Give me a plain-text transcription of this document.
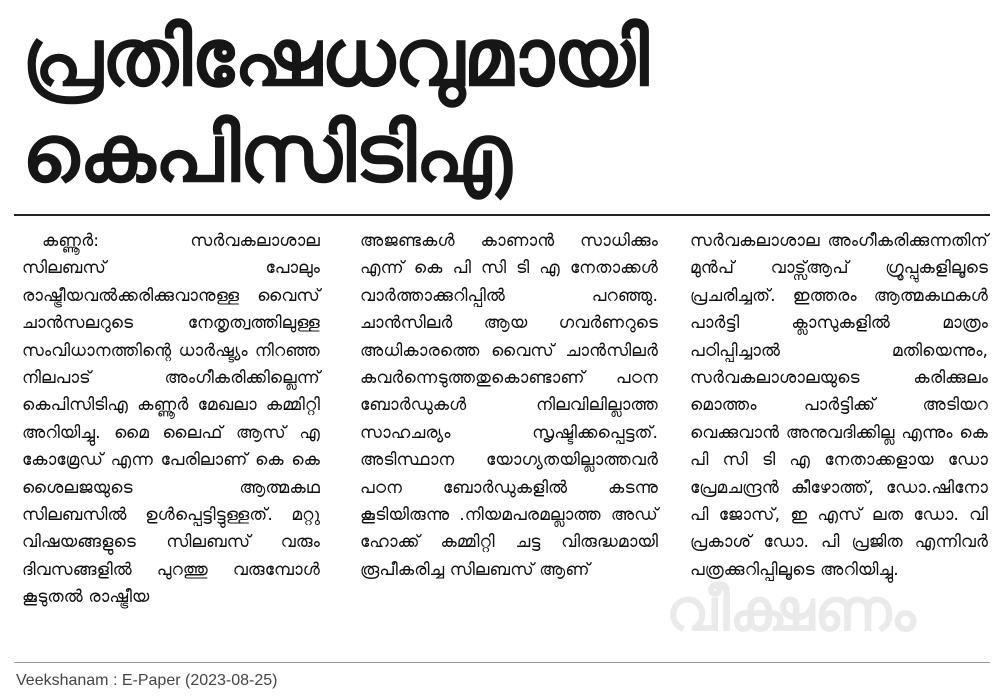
പ്രതിഷേധവുമായി
കെപിസിടിഎ

കണ്ണൂർ: സർവകലാശാല സിലബസ് പോലും രാഷ്ട്രീയവൽക്കരിക്കുവാനുള്ള വൈസ് ചാൻസലറുടെ നേതൃത്വത്തിലുള്ള സംവിധാനത്തിന്റെ ധാർഷ്ട്യം നിറഞ്ഞ നിലപാട് അംഗീകരിക്കില്ലെന്ന് കെപിസിടിഎ കണ്ണൂർ മേഖലാ കമ്മിറ്റി അറിയിച്ചു. മൈ ലൈഫ് ആസ് എ കോമ്രേഡ് എന്ന പേരിലാണ് കെ കെ ശൈലജയുടെ ആത്മകഥ സിലബസിൽ ഉൾപ്പെട്ടിട്ടുള്ളത്. മറ്റു വിഷയങ്ങളുടെ സിലബസ് വരും ദിവസങ്ങളിൽ പുറത്തു വരുമ്പോൾ കൂടുതൽ രാഷ്ട്രീയ

അജണ്ടകൾ കാണാൻ സാധിക്കും എന്ന് കെ പി സി ടി എ നേതാക്കൾ വാർത്താക്കുറിപ്പിൽ പറഞ്ഞു. ചാൻസിലർ ആയ ഗവർണറുടെ അധികാരത്തെ വൈസ് ചാൻസിലർ കവർന്നെടുത്തതുകൊണ്ടാണ് പഠന ബോർഡുകൾ നിലവിലില്ലാത്ത സാഹചര്യം സൃഷ്ടിക്കപ്പെട്ടത്. അടിസ്ഥാന യോഗ്യതയില്ലാത്തവർ പഠന ബോർഡുകളിൽ കടന്നു കൂടിയിരുന്നു .നിയമപരമല്ലാത്ത അഡ് ഹോക്ക് കമ്മിറ്റി ചട്ട വിരുദ്ധമായി രൂപീകരിച്ച സിലബസ് ആണ്

സർവകലാശാല അംഗീകരിക്കുന്നതിന് മുൻപ് വാട്സ്ആപ് ഗ്രൂപ്പുകളിലൂടെ പ്രചരിച്ചത്. ഇത്തരം ആത്മകഥകൾ പാർട്ടി ക്ലാസുകളിൽ മാത്രം പഠിപ്പിച്ചാൽ മതിയെന്നും, സർവകലാശാലയുടെ കരിക്കുലം മൊത്തം പാർട്ടിക്ക് അടിയറ വെക്കുവാൻ അനുവദിക്കില്ല എന്നും കെ പി സി ടി എ നേതാക്കളായ ഡോ പ്രേമചന്ദ്രൻ കീഴോത്ത്, ഡോ.ഷിനോ പി ജോസ്, ഇ എസ് ലത ഡോ. വി പ്രകാശ് ഡോ. പി പ്രജിത എന്നിവർ പത്രക്കുറിപ്പിലൂടെ അറിയിച്ചു.

വീക്ഷണം
Veekshanam : E-Paper (2023-08-25)
